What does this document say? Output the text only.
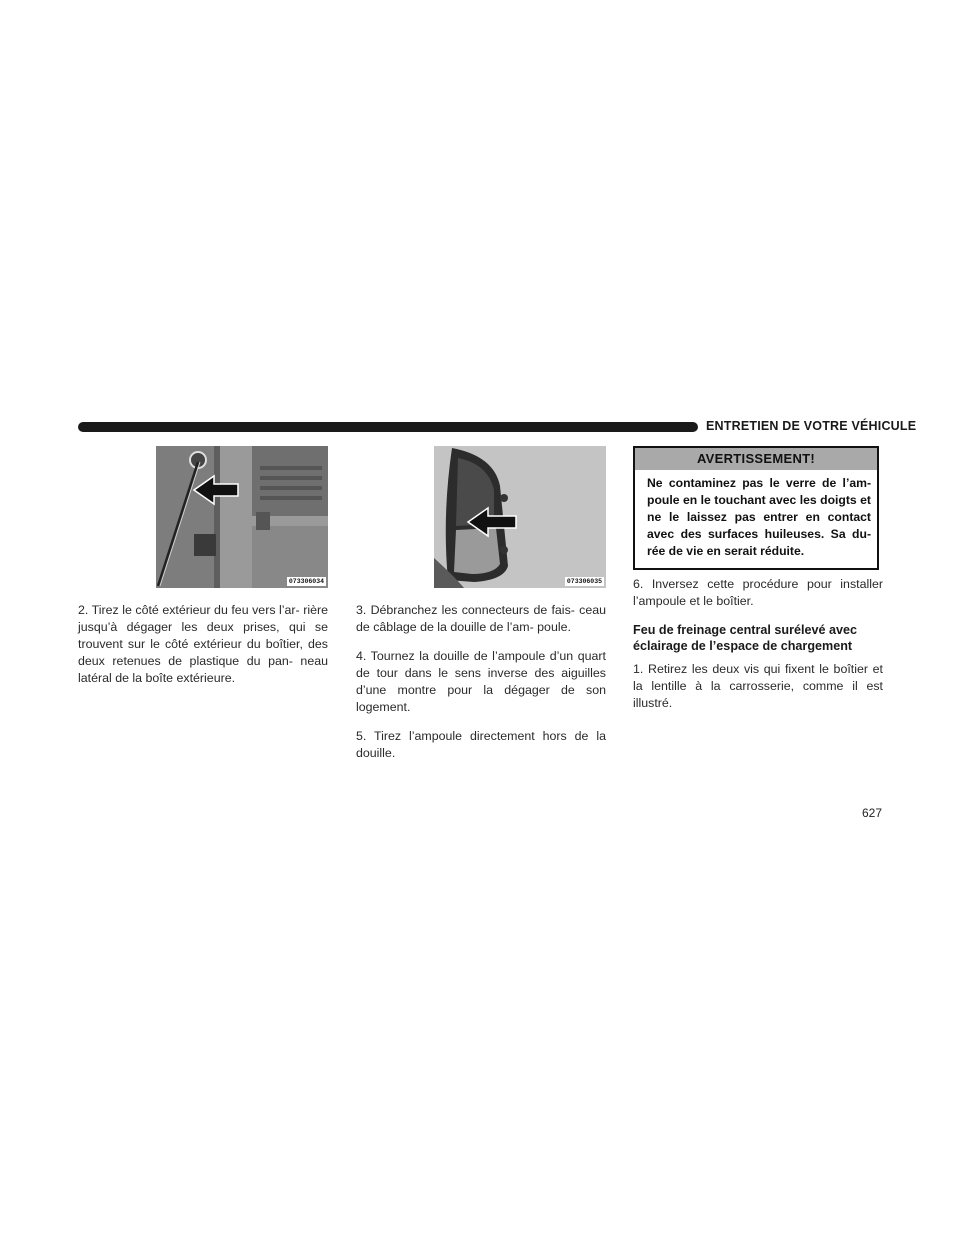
ENTRETIEN DE VOTRE VÉHICULE
073306034

2. Tirez le côté extérieur du feu vers l’ar- rière jusqu’à dégager les deux prises, qui se trouvent sur le côté extérieur du boîtier, des deux retenues de plastique du pan- neau latéral de la boîte extérieure.

073306035

3. Débranchez les connecteurs de fais- ceau de câblage de la douille de l’am- poule.

4. Tournez la douille de l’ampoule d’un quart de tour dans le sens inverse des aiguilles d’une montre pour la dégager de son logement.

5. Tirez l’ampoule directement hors de la douille.

AVERTISSEMENT!
Ne contaminez pas le verre de l’am- poule en le touchant avec les doigts et ne le laissez pas entrer en contact avec des surfaces huileuses. Sa du- rée de vie en serait réduite.

6. Inversez cette procédure pour installer l’ampoule et le boîtier.

Feu de freinage central surélevé avec éclairage de l’espace de chargement

1. Retirez les deux vis qui fixent le boîtier et la lentille à la carrosserie, comme il est illustré.

627
